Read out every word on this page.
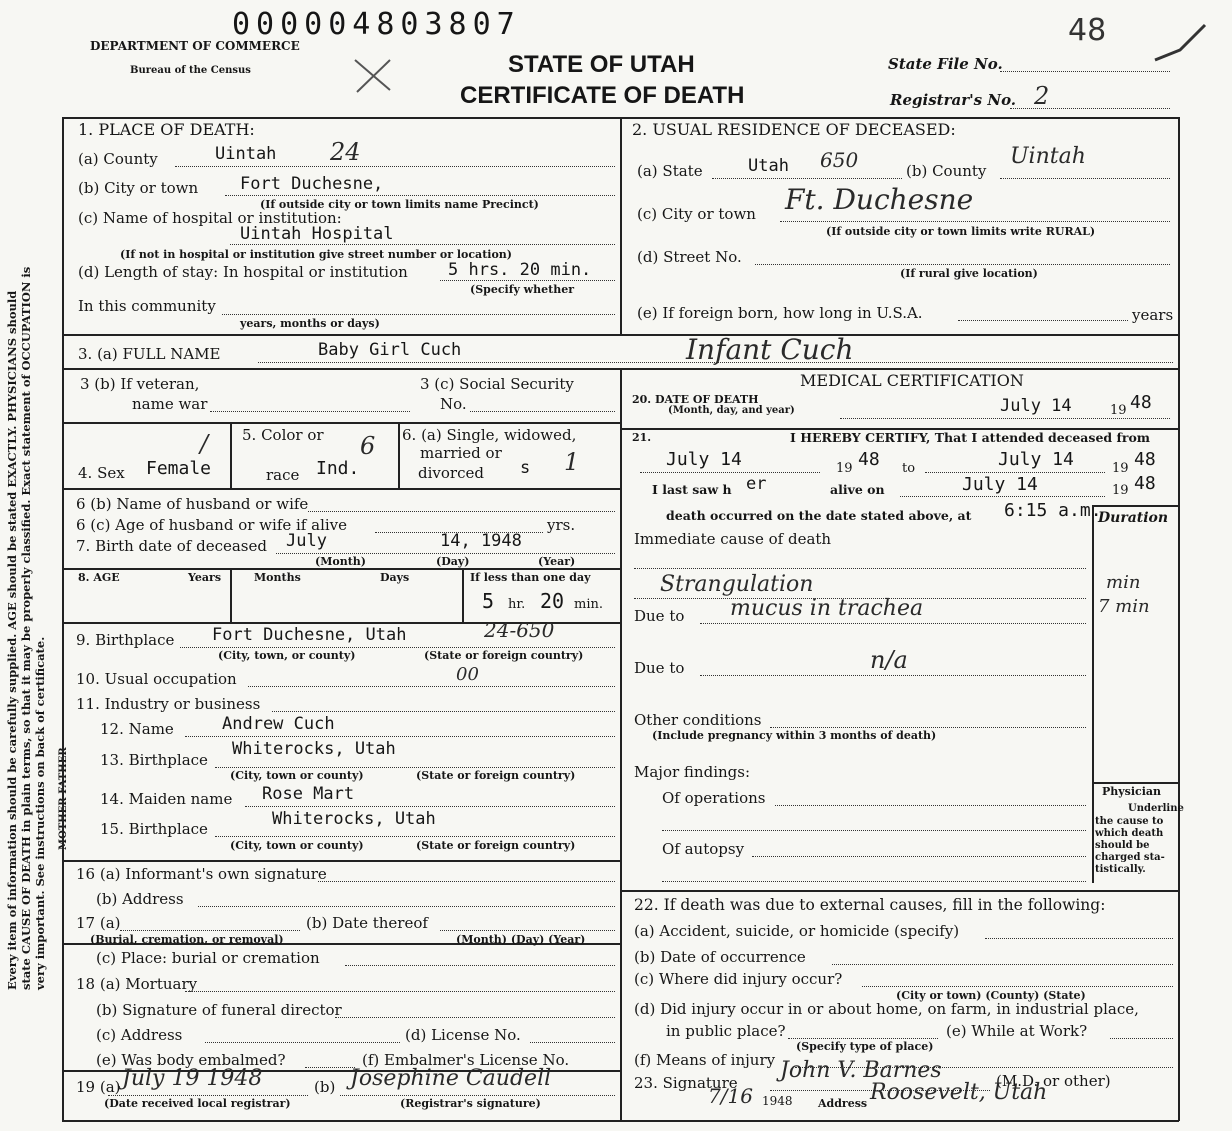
000004803807	48
DEPARTMENT OF COMMERCE
Bureau of the Census	STATE OF UTAH
CERTIFICATE OF DEATH
State File No.
Registrar's No. 2
Every item of information should be carefully supplied. AGE should be stated EXACTLY. PHYSICIANS should state CAUSE OF DEATH in plain terms, so that it may be properly classified. Exact statement of OCCUPATION is very important. See instructions on back of certificate. MOTHER FATHER
1. PLACE OF DEATH:
(a) County	Uintah 24
(b) City or town Fort Duchesne,
(If outside city or town limits name Precinct)
(c) Name of hospital or institution:
Uintah Hospital
(If not in hospital or institution give street number or location)
(d) Length of stay: In hospital or institution 5 hrs. 20 min.
(Specify whether
In this community
years, months or days)
2. USUAL RESIDENCE OF DECEASED:
(a) State	Utah 650	(b) County
Uintah
(c) City or town Ft. Duchesne
(If outside city or town limits write RURAL)
(d) Street No.
(If rural give location)
(e) If foreign born, how long in U.S.A.	years
3. (a) FULL NAME	Baby Girl Cuch	Infant Cuch
3 (b) If veteran,
name war
3 (c) Social Security
No.
MEDICAL CERTIFICATION
20. DATE OF DEATH
(Month, day, and year)	July 14	19 48
/
4. Sex Female
5. Color or
race Ind.
6 6. (a) Single, widowed,
married or
divorced s 1
21.	I HEREBY CERTIFY, That I attended deceased from
July 14	19 48 to	July 14	19 48
I last saw h er	alive on	July 14	19 48
death occurred on the date stated above, at 6:15 a.m.
Duration
6 (b) Name of husband or wife
6 (c) Age of husband or wife if alive	yrs.
7. Birth date of deceased July	14, 1948
(Month)	(Day)	(Year)
Immediate cause of death
Strangulation	min
Due to mucus in trachea	7 min
Due to	n/a
Other conditions
(Include pregnancy within 3 months of death)
Major findings:
Of operations
Of autopsy
Physician
Underline
the cause to
which death
should be
charged sta-
tistically.
8. AGE	Years	Months	Days	If less than one day
5 hr. 20 min.
9. Birthplace Fort Duchesne, Utah	24-650
(City, town, or county)	(State or foreign country)
10. Usual occupation	00
11. Industry or business
12. Name	Andrew Cuch
13. Birthplace
Whiterocks, Utah
(City, town or county)	(State or foreign country)
14. Maiden name Rose Mart
15. Birthplace	Whiterocks, Utah
(City, town or county)	(State or foreign country)
16 (a) Informant's own signature
(b) Address
17 (a)
(Burial, cremation, or removal)
(b) Date thereof
(Month) (Day) (Year)
(c) Place: burial or cremation
18 (a) Mortuary
(b) Signature of funeral director
(c) Address	(d) License No.
(e) Was body embalmed?	(f) Embalmer's License No.
19 (a) July 19 1948
(Date received local registrar)
(b) Josephine Caudell
(Registrar's signature)
22. If death was due to external causes, fill in the following:
(a) Accident, suicide, or homicide (specify)
(b) Date of occurrence
(c) Where did injury occur?
(City or town) (County) (State)
(d) Did injury occur in or about home, on farm, in industrial place,
in public place?
(Specify type of place)
(e) While at Work?
(f) Means of injury
23. Signature John V. Barnes	(M.D. or other)
7/16 1948 Address Roosevelt, Utah
